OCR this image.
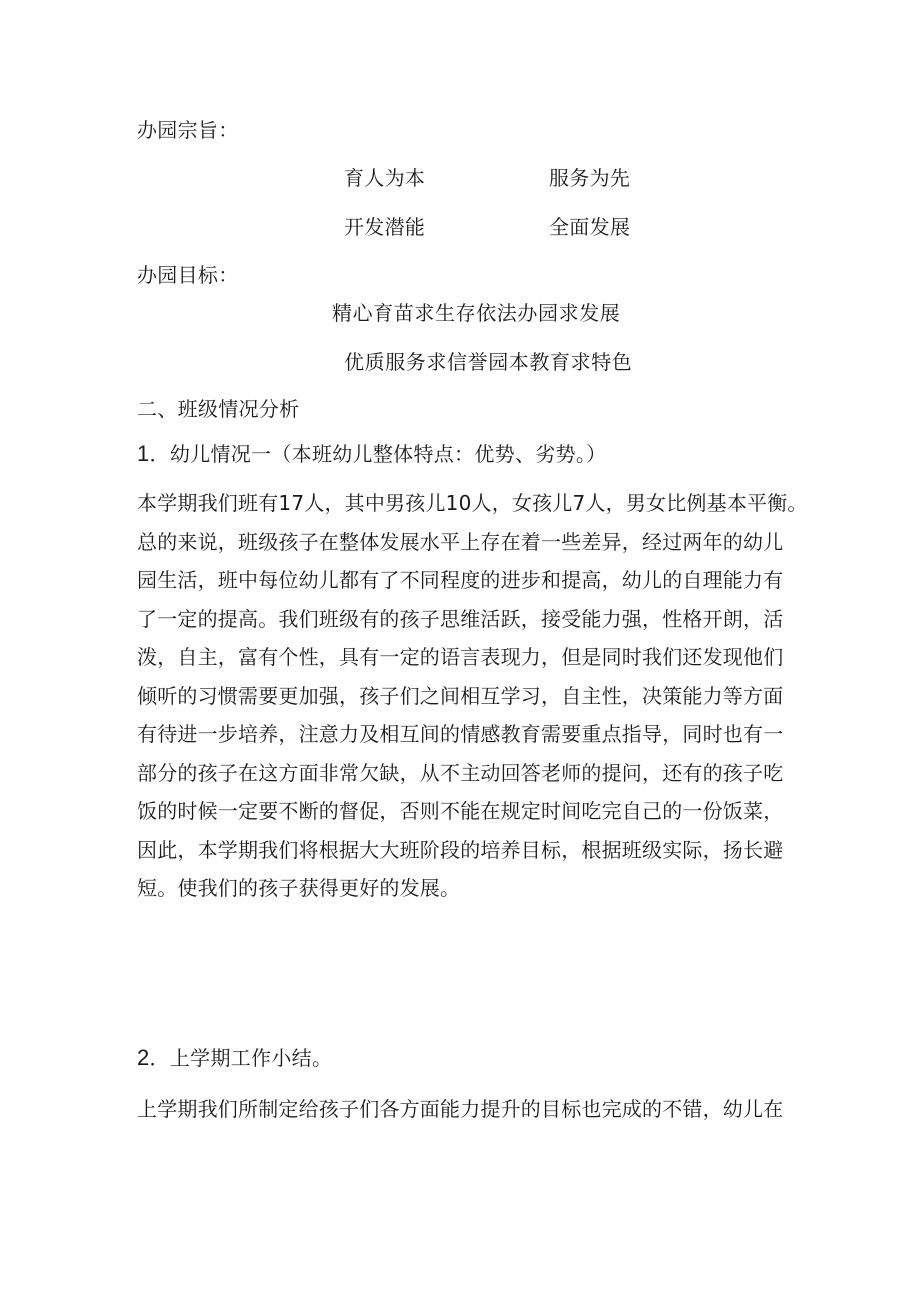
办园宗旨：
育人为本	服务为先
开发潜能	全面发展
办园目标：
精心育苗求生存依法办园求发展
优质服务求信誉园本教育求特色
二、班级情况分析
1．幼儿情况一（本班幼儿整体特点：优势、劣势。）
本学期我们班有17人，其中男孩儿10人，女孩儿7人，男女比例基本平衡。
总的来说，班级孩子在整体发展水平上存在着一些差异，经过两年的幼儿
园生活，班中每位幼儿都有了不同程度的进步和提高，幼儿的自理能力有
了一定的提高。我们班级有的孩子思维活跃，接受能力强，性格开朗，活
泼，自主，富有个性，具有一定的语言表现力，但是同时我们还发现他们
倾听的习惯需要更加强，孩子们之间相互学习，自主性，决策能力等方面
有待进一步培养，注意力及相互间的情感教育需要重点指导，同时也有一
部分的孩子在这方面非常欠缺，从不主动回答老师的提问，还有的孩子吃
饭的时候一定要不断的督促，否则不能在规定时间吃完自己的一份饭菜，
因此，本学期我们将根据大大班阶段的培养目标，根据班级实际，扬长避
短。使我们的孩子获得更好的发展。
2．上学期工作小结。
上学期我们所制定给孩子们各方面能力提升的目标也完成的不错，幼儿在
